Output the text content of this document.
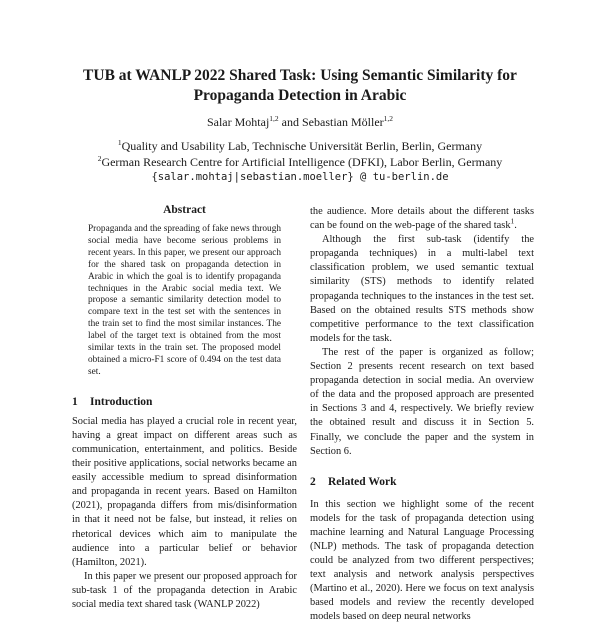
TUB at WANLP 2022 Shared Task: Using Semantic Similarity for
Propaganda Detection in Arabic
Salar Mohtaj$^{1,2}$ and Sebastian Möller$^{1,2}$
$^1$Quality and Usability Lab, Technische Universität Berlin, Berlin, Germany
$^2$German Research Centre for Artificial Intelligence (DFKI), Labor Berlin, Germany
{salar.mohtaj|sebastian.moeller} @ tu-berlin.de
Abstract

Propaganda and the spreading of fake news through social media have become serious problems in recent years. In this paper, we present our approach for the shared task on propaganda detection in Arabic in which the goal is to identify propaganda techniques in the Arabic social media text. We propose a semantic similarity detection model to compare text in the test set with the sentences in the train set to find the most similar instances. The label of the target text is obtained from the most similar texts in the train set. The proposed model obtained a micro-F1 score of 0.494 on the test data set.

1 Introduction

Social media has played a crucial role in recent year, having a great impact on different areas such as communication, entertainment, and politics. Beside their positive applications, social networks became an easily accessible medium to spread disinformation and propaganda in recent years. Based on Hamilton (2021), propaganda differs from mis/disinformation in that it need not be false, but instead, it relies on rhetorical devices which aim to manipulate the audience into a particular belief or behavior (Hamilton, 2021).

In this paper we present our proposed approach for sub-task 1 of the propaganda detection in Arabic social media text shared task (WANLP 2022)

the audience. More details about the different tasks can be found on the web-page of the shared task$^1$.

Although the first sub-task (identify the propaganda techniques) in a multi-label text classification problem, we used semantic textual similarity (STS) methods to identify related propaganda techniques to the instances in the test set. Based on the obtained results STS methods show competitive performance to the text classification models for the task.

The rest of the paper is organized as follow; Section 2 presents recent research on text based propaganda detection in social media. An overview of the data and the proposed approach are presented in Sections 3 and 4, respectively. We briefly review the obtained result and discuss it in Section 5. Finally, we conclude the paper and the system in Section 6.

2 Related Work

In this section we highlight some of the recent models for the task of propaganda detection using machine learning and Natural Language Processing (NLP) methods. The task of propaganda detection could be analyzed from two different perspectives; text analysis and network analysis perspectives (Martino et al., 2020). Here we focus on text analysis based models and review the recently developed models based on deep neural networks
